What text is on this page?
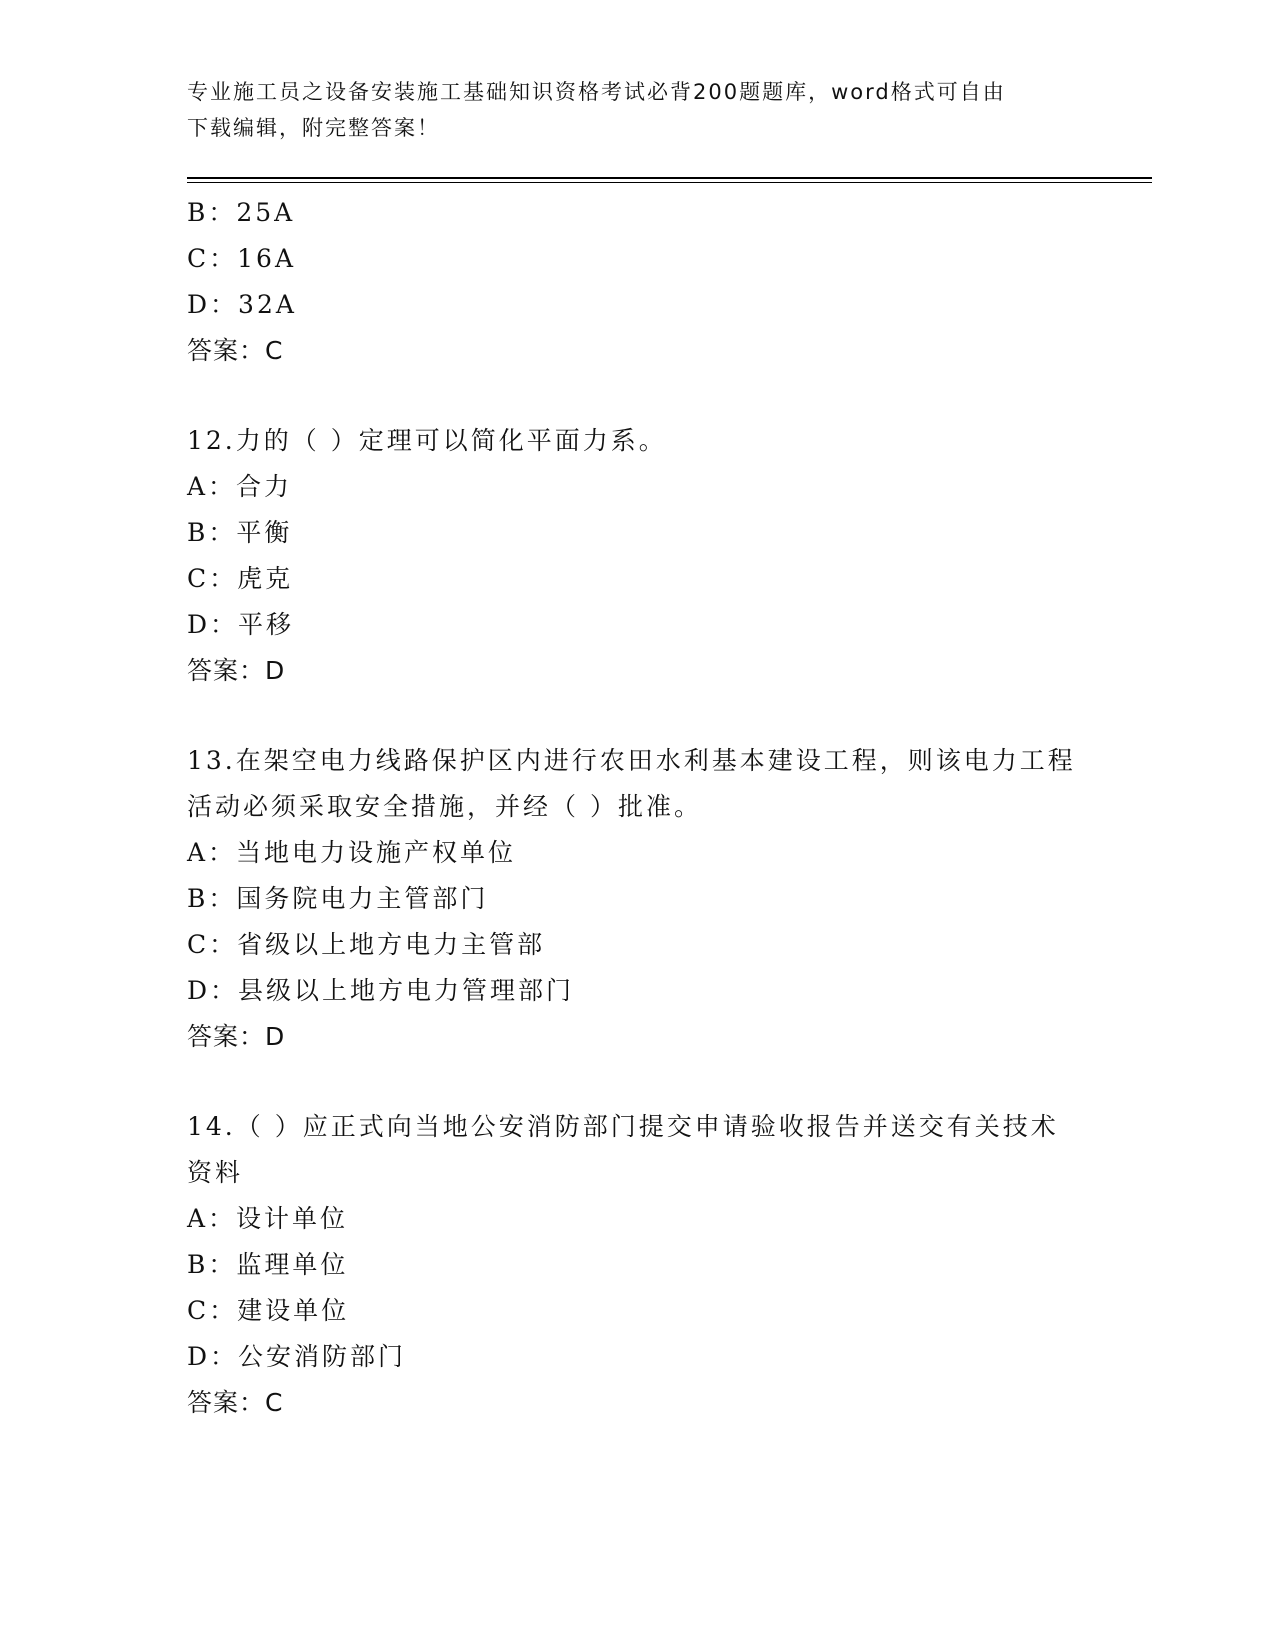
专业施工员之设备安装施工基础知识资格考试必背200题题库，word格式可自由
下载编辑，附完整答案！
B：25A
C：16A
D：32A
答案：C
12.力的（ ）定理可以简化平面力系。
A：合力
B：平衡
C：虎克
D：平移
答案：D
13.在架空电力线路保护区内进行农田水利基本建设工程，则该电力工程活动必须采取安全措施，并经（ ）批准。
A：当地电力设施产权单位
B：国务院电力主管部门
C：省级以上地方电力主管部
D：县级以上地方电力管理部门
答案：D
14.（ ）应正式向当地公安消防部门提交申请验收报告并送交有关技术资料
A：设计单位
B：监理单位
C：建设单位
D：公安消防部门
答案：C
